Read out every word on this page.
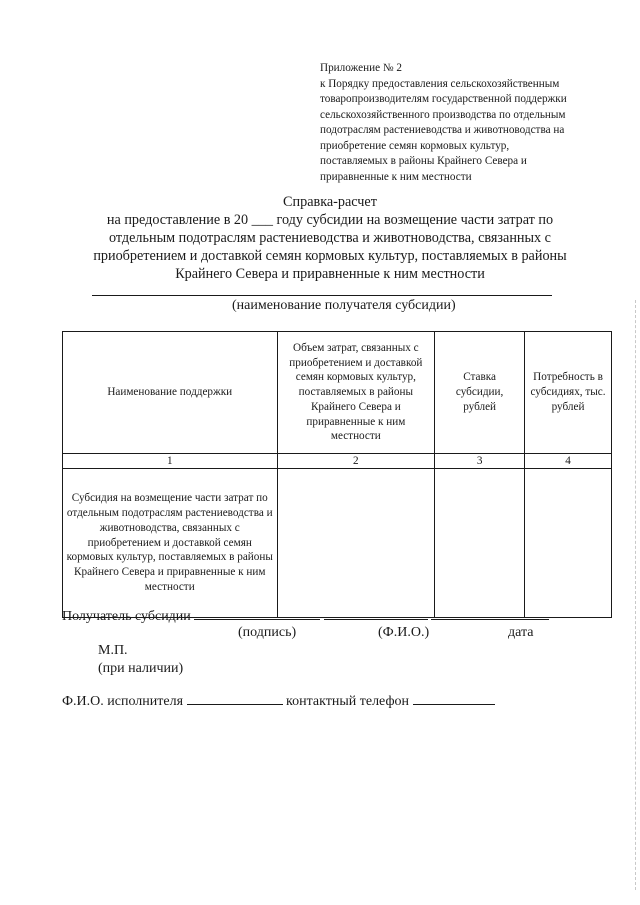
Приложение № 2
к Порядку предоставления сельскохозяйственным
товаропроизводителям государственной поддержки
сельскохозяйственного производства по отдельным
подотраслям растениеводства и животноводства на
приобретение семян кормовых культур,
поставляемых в районы Крайнего Севера и
приравненные к ним местности
Справка-расчет
на предоставление в 20 ___ году субсидии на возмещение части затрат по
отдельным подотраслям растениеводства и животноводства, связанных с
приобретением и доставкой семян кормовых культур, поставляемых в районы
Крайнего Севера и приравненные к ним местности
(наименование получателя субсидии)
Наименование поддержки	Объем затрат, связанных с приобретением и доставкой семян кормовых культур, поставляемых в районы Крайнего Севера и приравненные к ним местности	Ставка субсидии, рублей	Потребность в субсидиях, тыс. рублей
1	2	3	4
Субсидия на возмещение части затрат по отдельным подотраслям растениеводства и животноводства, связанных с приобретением и доставкой семян кормовых культур, поставляемых в районы Крайнего Севера и приравненные к ним местности			
Получатель субсидии
(подпись)	(Ф.И.О.)	дата
М.П.
(при наличии)
Ф.И.О. исполнителя	контактный телефон
